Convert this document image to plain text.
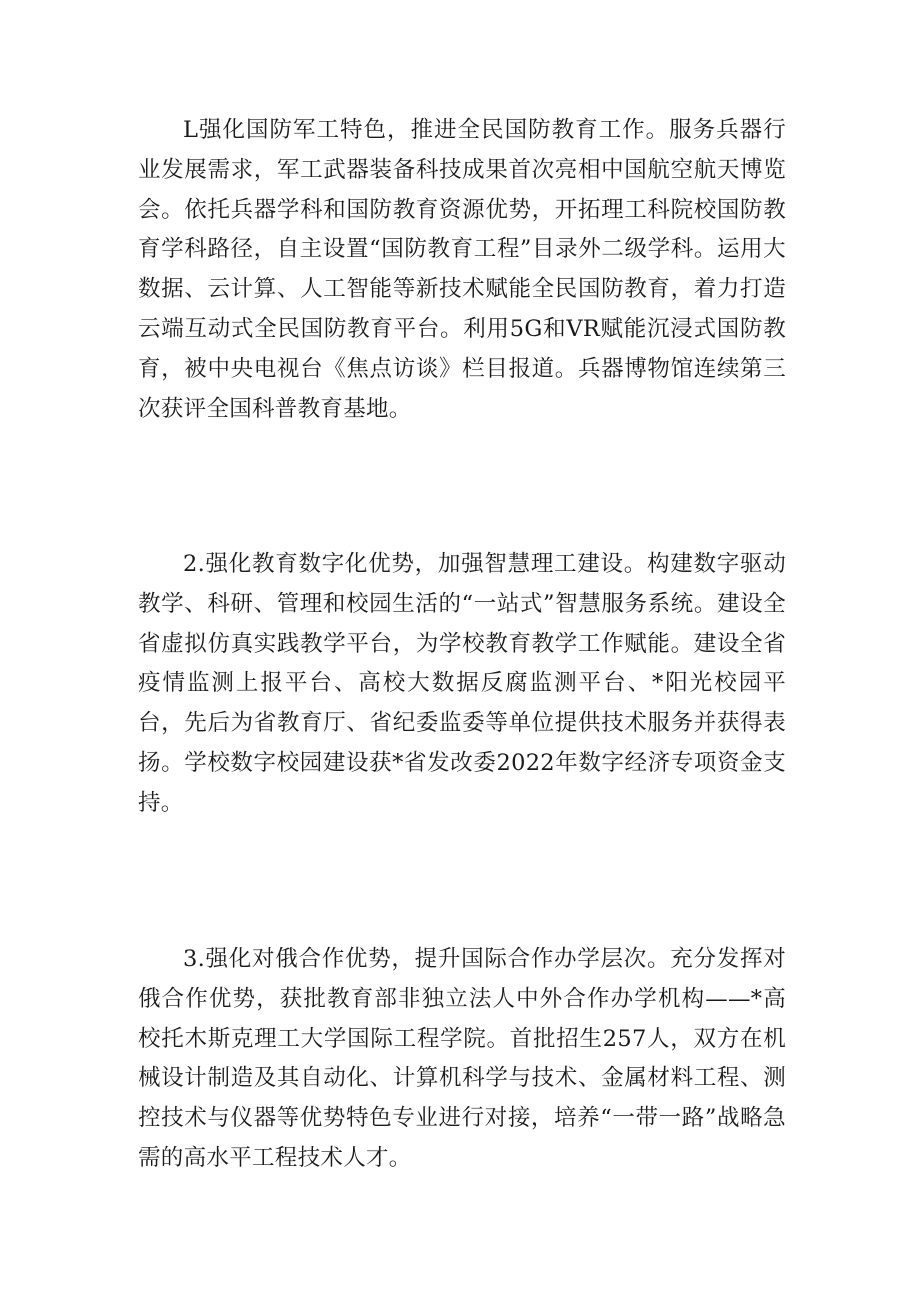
L强化国防军工特色，推进全民国防教育工作。服务兵器行业发展需求，军工武器装备科技成果首次亮相中国航空航天博览会。依托兵器学科和国防教育资源优势，开拓理工科院校国防教育学科路径，自主设置“国防教育工程”目录外二级学科。运用大数据、云计算、人工智能等新技术赋能全民国防教育，着力打造云端互动式全民国防教育平台。利用5G和VR赋能沉浸式国防教育，被中央电视台《焦点访谈》栏目报道。兵器博物馆连续第三次获评全国科普教育基地。

2.强化教育数字化优势，加强智慧理工建设。构建数字驱动教学、科研、管理和校园生活的“一站式”智慧服务系统。建设全省虚拟仿真实践教学平台，为学校教育教学工作赋能。建设全省疫情监测上报平台、高校大数据反腐监测平台、*阳光校园平台，先后为省教育厅、省纪委监委等单位提供技术服务并获得表扬。学校数字校园建设获*省发改委2022年数字经济专项资金支持。

3.强化对俄合作优势，提升国际合作办学层次。充分发挥对俄合作优势，获批教育部非独立法人中外合作办学机构——*高校托木斯克理工大学国际工程学院。首批招生257人，双方在机械设计制造及其自动化、计算机科学与技术、金属材料工程、测控技术与仪器等优势特色专业进行对接，培养“一带一路”战略急需的高水平工程技术人才。
